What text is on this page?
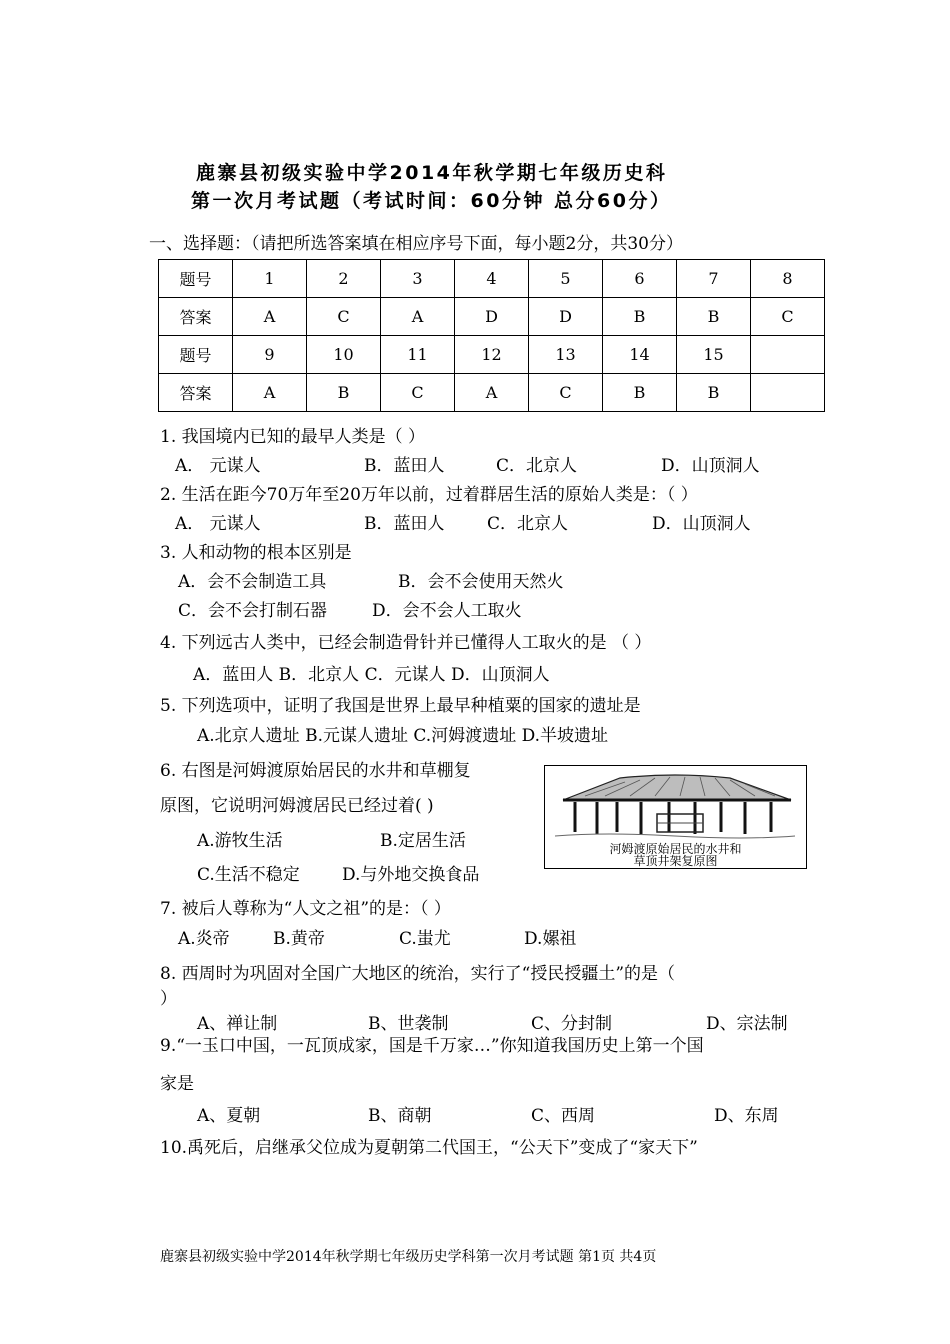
鹿寨县初级实验中学2014年秋学期七年级历史科
第一次月考试题（考试时间：60分钟 总分60分）
一、选择题：（请把所选答案填在相应序号下面，每小题2分，共30分）
题号	1	2	3	4	5	6	7	8
答案	A	C	A	D	D	B	B	C
题号	9	10	11	12	13	14	15	
答案	A	B	C	A	C	B	B	
1. 我国境内已知的最早人类是（ ）
A． 元谋人	B．蓝田人	C．北京人	D．山顶洞人
2. 生活在距今70万年至20万年以前，过着群居生活的原始人类是：（ ）
A． 元谋人	B．蓝田人	C．北京人	D．山顶洞人
3. 人和动物的根本区别是
A．会不会制造工具	B．会不会使用天然火
C．会不会打制石器	D．会不会人工取火
4. 下列远古人类中，已经会制造骨针并已懂得人工取火的是 （ ）
A．蓝田人 B．北京人 C．元谋人 D．山顶洞人
5. 下列选项中，证明了我国是世界上最早种植粟的国家的遗址是
A.北京人遗址 B.元谋人遗址 C.河姆渡遗址 D.半坡遗址
6. 右图是河姆渡原始居民的水井和草棚复
原图，它说明河姆渡居民已经过着( )
A.游牧生活	B.定居生活
C.生活不稳定 D.与外地交换食品
河姆渡原始居民的水井和
草顶井架复原图
7. 被后人尊称为“人文之祖”的是：（ ）
A.炎帝	B.黄帝	C.蚩尤	D.嫘祖
8. 西周时为巩固对全国广大地区的统治，实行了“授民授疆土”的是（
）
A、禅让制	B、世袭制	C、分封制	D、宗法制
9.“一玉口中国，一瓦顶成家，国是千万家…”你知道我国历史上第一个国
家是
A、夏朝	B、商朝	C、西周	D、东周
10.禹死后，启继承父位成为夏朝第二代国王，“公天下”变成了“家天下”
鹿寨县初级实验中学2014年秋学期七年级历史学科第一次月考试题 第1页 共4页
